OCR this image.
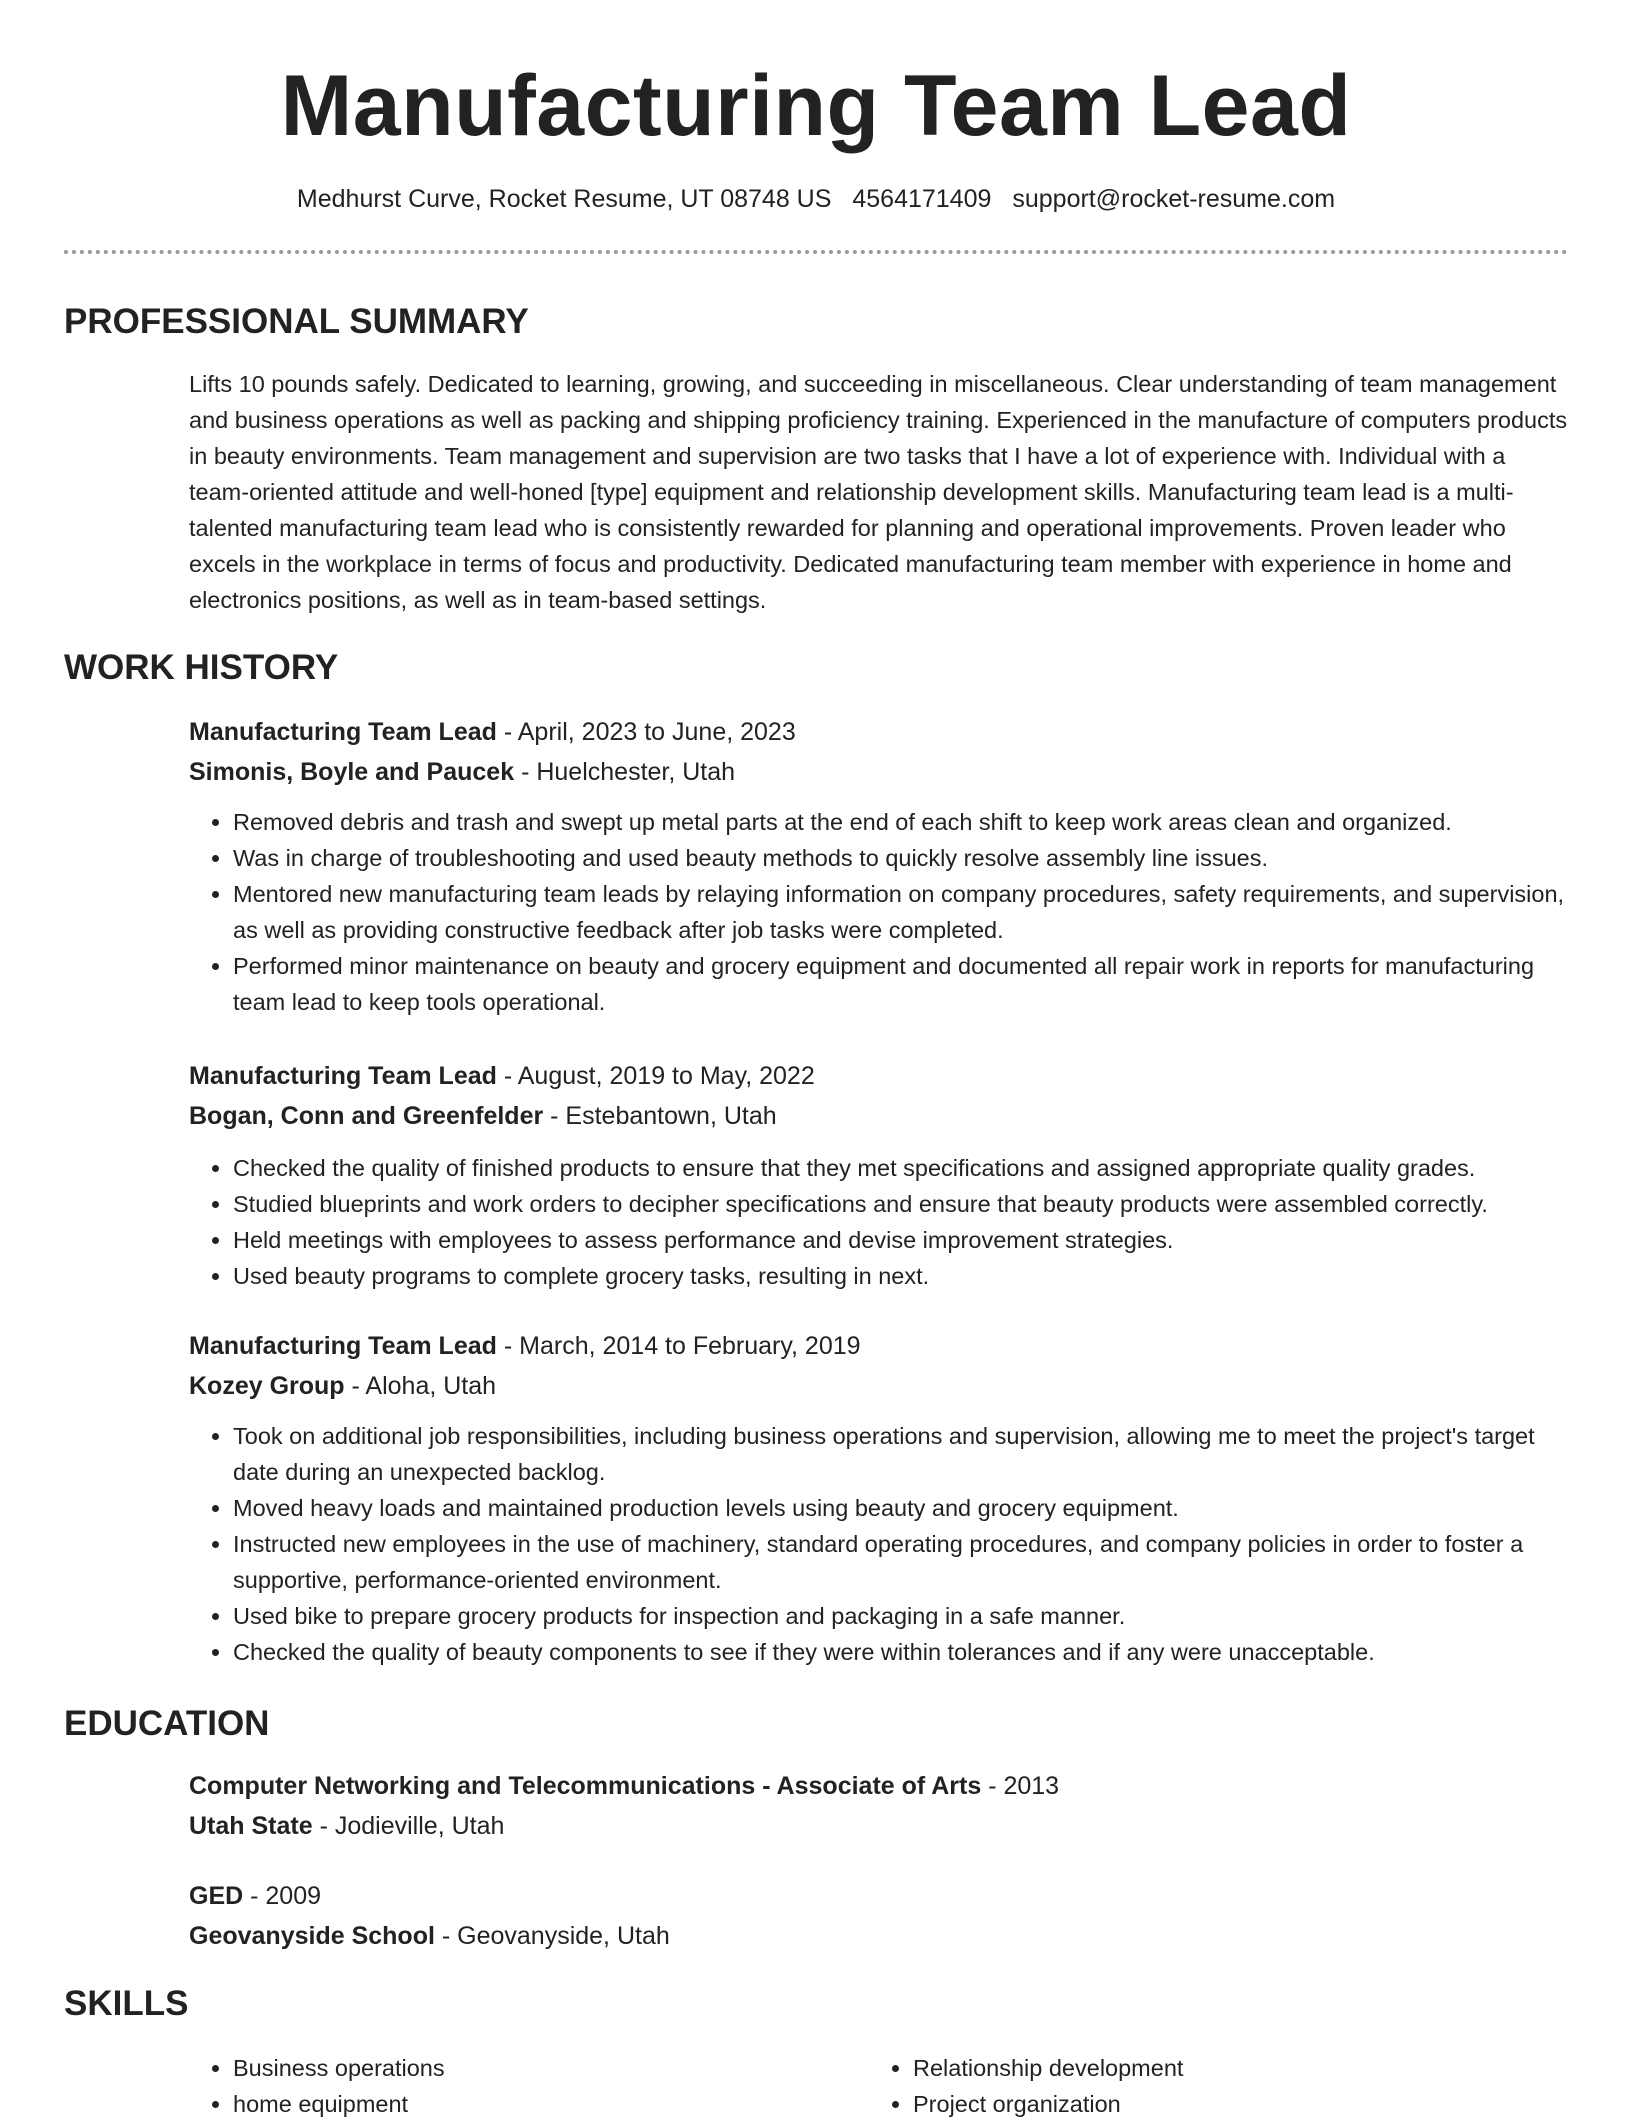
Manufacturing Team Lead
Medhurst Curve, Rocket Resume, UT 08748 US 4564171409 support@rocket-resume.com
PROFESSIONAL SUMMARY
Lifts 10 pounds safely. Dedicated to learning, growing, and succeeding in miscellaneous. Clear understanding of team management and business operations as well as packing and shipping proficiency training. Experienced in the manufacture of computers products in beauty environments. Team management and supervision are two tasks that I have a lot of experience with. Individual with a team-oriented attitude and well-honed [type] equipment and relationship development skills. Manufacturing team lead is a multi-talented manufacturing team lead who is consistently rewarded for planning and operational improvements. Proven leader who excels in the workplace in terms of focus and productivity. Dedicated manufacturing team member with experience in home and electronics positions, as well as in team-based settings.
WORK HISTORY
Manufacturing Team Lead - April, 2023 to June, 2023
Simonis, Boyle and Paucek - Huelchester, Utah
• Removed debris and trash and swept up metal parts at the end of each shift to keep work areas clean and organized.
• Was in charge of troubleshooting and used beauty methods to quickly resolve assembly line issues.
• Mentored new manufacturing team leads by relaying information on company procedures, safety requirements, and supervision, as well as providing constructive feedback after job tasks were completed.
• Performed minor maintenance on beauty and grocery equipment and documented all repair work in reports for manufacturing team lead to keep tools operational.
Manufacturing Team Lead - August, 2019 to May, 2022
Bogan, Conn and Greenfelder - Estebantown, Utah
• Checked the quality of finished products to ensure that they met specifications and assigned appropriate quality grades.
• Studied blueprints and work orders to decipher specifications and ensure that beauty products were assembled correctly.
• Held meetings with employees to assess performance and devise improvement strategies.
• Used beauty programs to complete grocery tasks, resulting in next.
Manufacturing Team Lead - March, 2014 to February, 2019
Kozey Group - Aloha, Utah
• Took on additional job responsibilities, including business operations and supervision, allowing me to meet the project's target date during an unexpected backlog.
• Moved heavy loads and maintained production levels using beauty and grocery equipment.
• Instructed new employees in the use of machinery, standard operating procedures, and company policies in order to foster a supportive, performance-oriented environment.
• Used bike to prepare grocery products for inspection and packaging in a safe manner.
• Checked the quality of beauty components to see if they were within tolerances and if any were unacceptable.
EDUCATION
Computer Networking and Telecommunications - Associate of Arts - 2013
Utah State - Jodieville, Utah
GED - 2009
Geovanyside School - Geovanyside, Utah
SKILLS
• Business operations
• home equipment
• Relationship development
• Project organization
